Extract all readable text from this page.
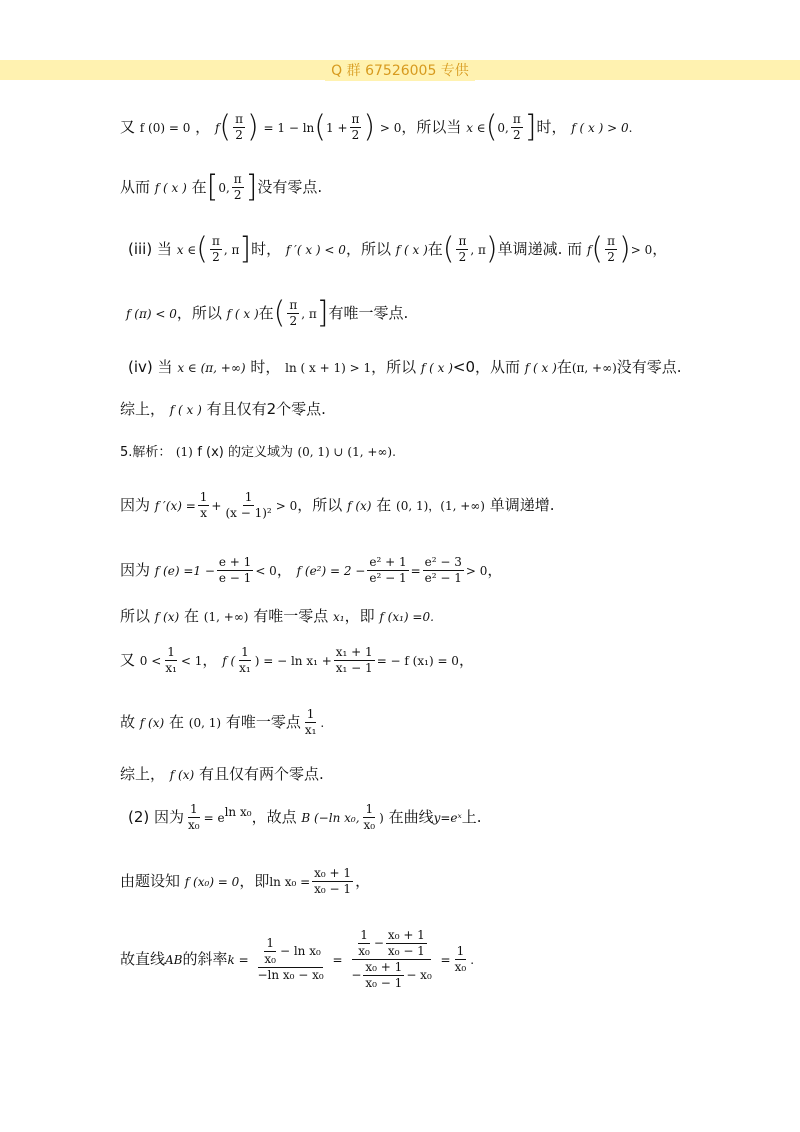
Q 群 67526005 专供
又 f (0) = 0 ， $f( \frac{\pi}{2}$ ) = $1 - \ln(1 + \frac{\pi}{2}$ ) > 0，所以当 x ∈(0, $\frac{\pi}{2}$ ]时， f ( x ) > 0.
从而 f ( x ) 在[0, $\frac{\pi}{2}$ ]没有零点.
(iii) 当 x ∈( $\frac{\pi}{2}$ , π]时， f ′( x ) < 0，所以 f ( x )在( $\frac{\pi}{2}$ , π)单调递减. 而 $f( \frac{\pi}{2}$ )> 0，
f (π) < 0，所以 f ( x )在( $\frac{\pi}{2}$ , π]有唯一零点.
(iv) 当 x ∈ (π, +∞) 时， ln ( x + 1) > 1，所以 f ( x )<0，从而 f ( x )在(π, +∞)没有零点.
综上， f ( x ) 有且仅有2个零点.
5.解析： (1) f (x) 的定义域为 (0, 1) ∪ (1, +∞).
因为 f $'(x) = \frac{1}{x} + \frac{1}{\text{(x − 1)²}} > 0$，所以 f (x) 在 (0, 1)，(1, +∞) 单调递增.
因为 f $(e) =1 - \frac{e + 1}{e - 1} < 0$， f $(e^2) = 2 - \frac{\text{e² + 1}}{\text{e² − 1}} = \frac{\text{e² − 3}}{\text{e² − 1}} > 0$，
所以 f (x) 在 (1, +∞) 有唯一零点 x₁，即 f (x₁) =0.
又 $0 < \frac{1}{\text{x₁}} < 1$， f ( $\frac{1}{\text{x₁}}$ ) = − $\ln x_1 + \frac{\text{x₁ + 1}}{\text{x₁ − 1}}$ = − f (x₁) = 0，
故 f (x) 在 (0, 1) 有唯一零点 $\frac{1}{\text{x₁}}$ .
综上， f (x) 有且仅有两个零点.
(2) 因为 $\frac{1}{\text{x₀}} = e^{ln x_0}$，故点 B (−ln x₀, $\frac{1}{\text{x₀}}$ ) 在曲线y=eˣ上.
由题设知 f (x₀) = 0，即$\ln x_0 = \frac{\text{x₀ + 1}}{\text{x₀ − 1}}$ ，
故直线AB的斜率$k = \frac{\frac{1}{\text{x₀}} - \ln x_0}{\text{−ln x₀ − x₀}} = \frac{\frac{1}{\text{x₀}} - \frac{\text{x₀ + 1}}{\text{x₀ − 1}}}{- \frac{\text{x₀ + 1}}{\text{x₀ − 1}} - x_0} = \frac{1}{\text{x₀}}$ .
